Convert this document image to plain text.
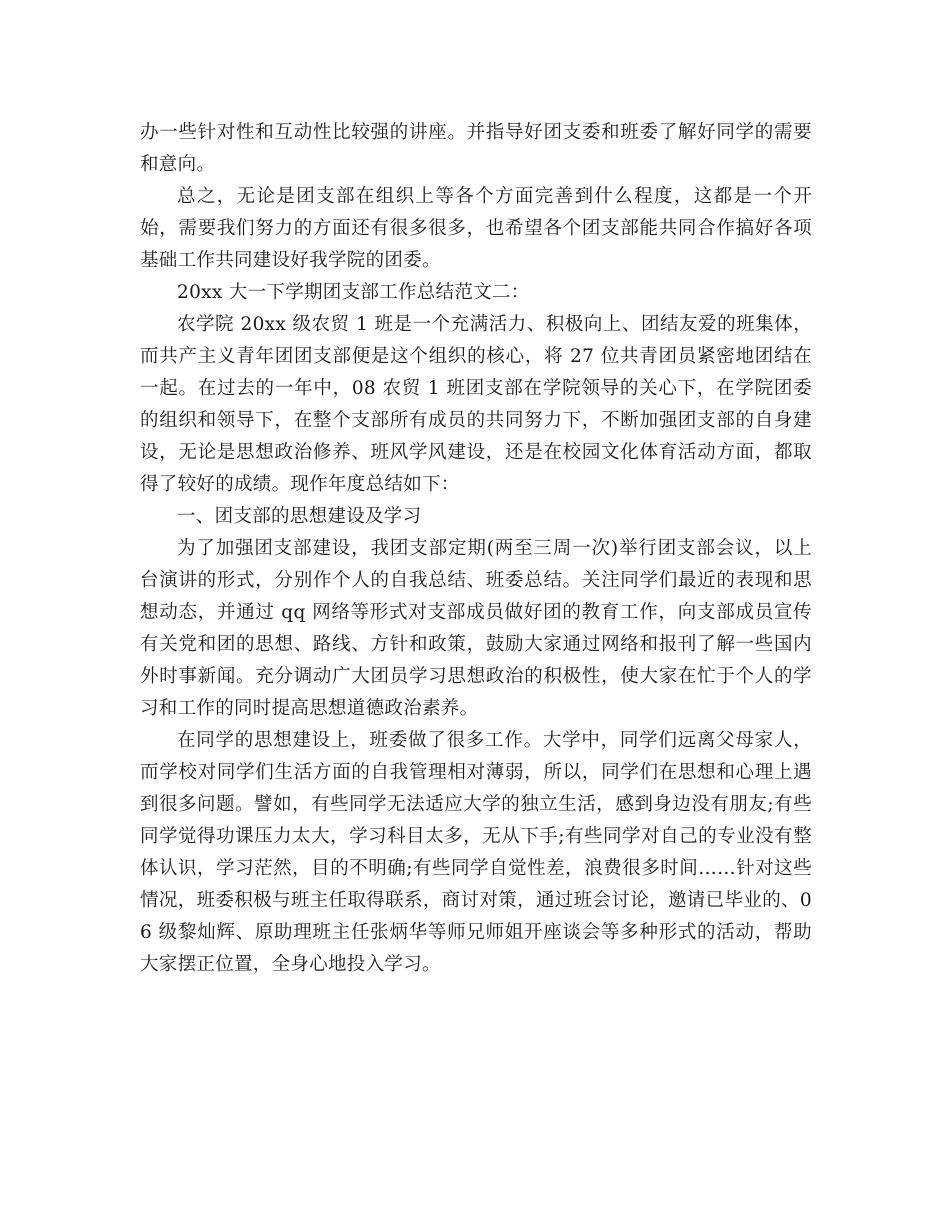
办一些针对性和互动性比较强的讲座。并指导好团支委和班委了解好同学的需要和意向。

总之，无论是团支部在组织上等各个方面完善到什么程度，这都是一个开始，需要我们努力的方面还有很多很多，也希望各个团支部能共同合作搞好各项基础工作共同建设好我学院的团委。

20xx 大一下学期团支部工作总结范文二：

农学院 20xx 级农贸 1 班是一个充满活力、积极向上、团结友爱的班集体，而共产主义青年团团支部便是这个组织的核心，将 27 位共青团员紧密地团结在一起。在过去的一年中，08 农贸 1 班团支部在学院领导的关心下，在学院团委的组织和领导下，在整个支部所有成员的共同努力下，不断加强团支部的自身建设，无论是思想政治修养、班风学风建设，还是在校园文化体育活动方面，都取得了较好的成绩。现作年度总结如下：

一、团支部的思想建设及学习

为了加强团支部建设，我团支部定期(两至三周一次)举行团支部会议，以上台演讲的形式，分别作个人的自我总结、班委总结。关注同学们最近的表现和思想动态，并通过 qq 网络等形式对支部成员做好团的教育工作，向支部成员宣传有关党和团的思想、路线、方针和政策，鼓励大家通过网络和报刊了解一些国内外时事新闻。充分调动广大团员学习思想政治的积极性，使大家在忙于个人的学习和工作的同时提高思想道德政治素养。

在同学的思想建设上，班委做了很多工作。大学中，同学们远离父母家人，而学校对同学们生活方面的自我管理相对薄弱，所以，同学们在思想和心理上遇到很多问题。譬如，有些同学无法适应大学的独立生活，感到身边没有朋友;有些同学觉得功课压力太大，学习科目太多，无从下手;有些同学对自己的专业没有整体认识，学习茫然，目的不明确;有些同学自觉性差，浪费很多时间……针对这些情况，班委积极与班主任取得联系，商讨对策，通过班会讨论，邀请已毕业的、06 级黎灿辉、原助理班主任张炳华等师兄师姐开座谈会等多种形式的活动，帮助大家摆正位置，全身心地投入学习。
